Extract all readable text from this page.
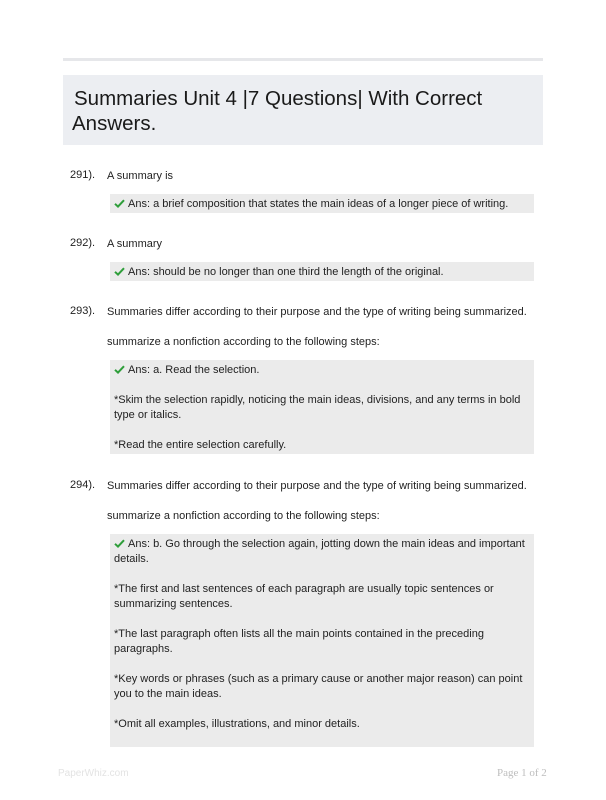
Summaries Unit 4 |7 Questions| With Correct
Answers.
291). A summary is

Ans: a brief composition that states the main ideas of a longer piece of writing.

292). A summary

Ans: should be no longer than one third the length of the original.

293). Summaries differ according to their purpose and the type of writing being summarized.
summarize a nonfiction according to the following steps:

Ans: a. Read the selection.

*Skim the selection rapidly, noticing the main ideas, divisions, and any terms in bold type or italics.

*Read the entire selection carefully.

294). Summaries differ according to their purpose and the type of writing being summarized.
summarize a nonfiction according to the following steps:

Ans: b. Go through the selection again, jotting down the main ideas and important details.

*The first and last sentences of each paragraph are usually topic sentences or summarizing sentences.

*The last paragraph often lists all the main points contained in the preceding paragraphs.

*Key words or phrases (such as a primary cause or another major reason) can point you to the main ideas.

*Omit all examples, illustrations, and minor details.

PaperWhiz.com	Page 1 of 2
